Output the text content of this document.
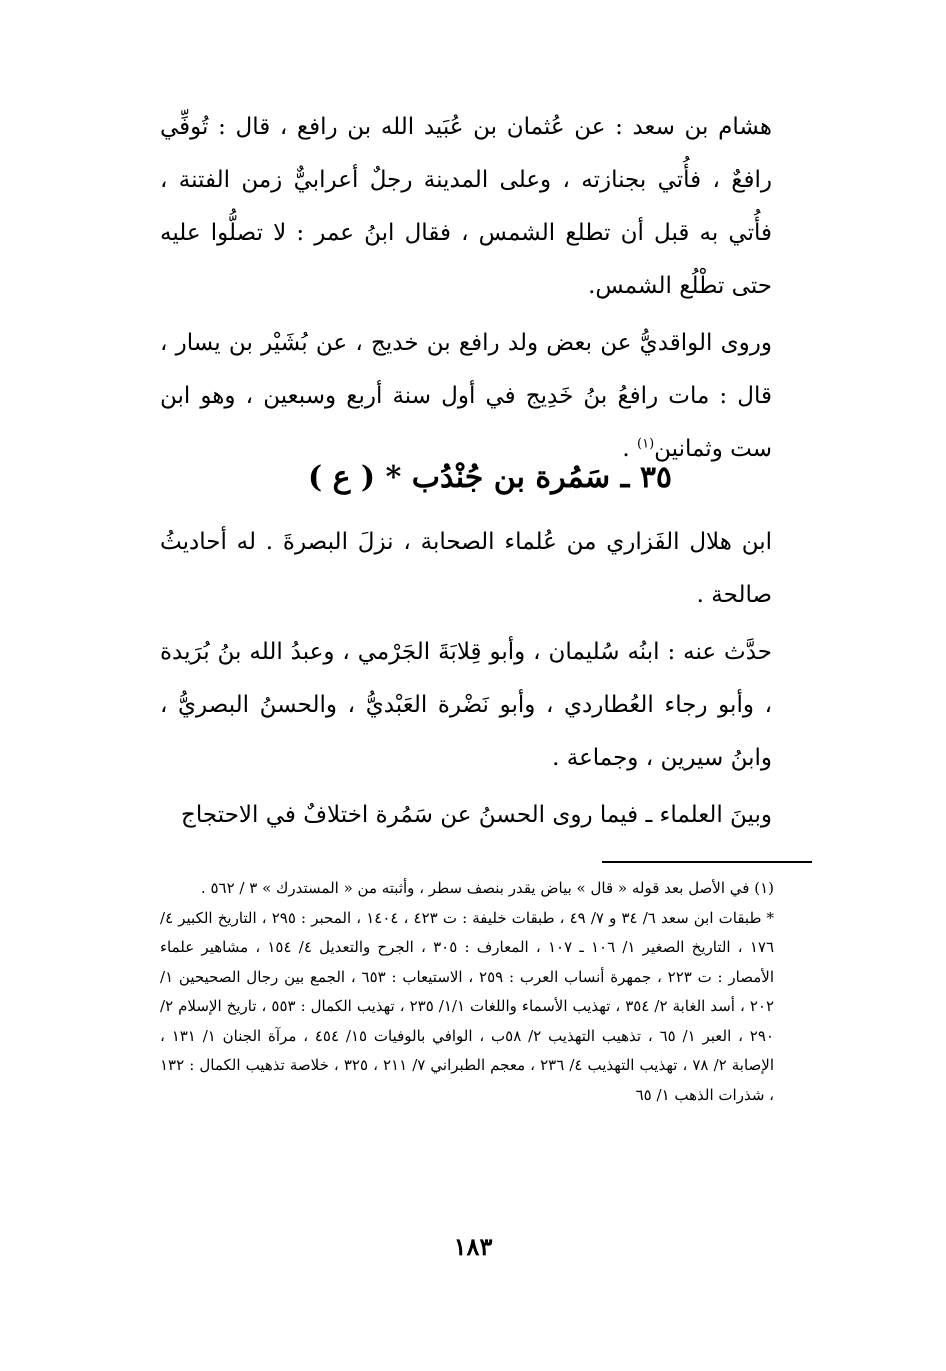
هشام بن سعد : عن عُثمان بن عُبَيد الله بن رافع ، قال : تُوفِّي رافعٌ ، فأُتي بجنازته ، وعلى المدينة رجلٌ أعرابيٌّ زمن الفتنة ، فأُتي به قبل أن تطلع الشمس ، فقال ابنُ عمر : لا تصلُّوا عليه حتى تطْلُع الشمس.

وروى الواقديُّ عن بعض ولد رافع بن خديج ، عن بُشَيْر بن يسار ، قال : مات رافعُ بنُ خَدِيج في أول سنة أربع وسبعين ، وهو ابن ست وثمانين$^{(١)}$ .

٣٥ ـ سَمُرة بن جُنْدُب * ( ع )

ابن هلال الفَزاري من عُلماء الصحابة ، نزلَ البصرةَ . له أحاديثُ صالحة .

حدَّث عنه : ابنُه سُليمان ، وأبو قِلابَةَ الجَرْمي ، وعبدُ الله بنُ بُرَيدة ، وأبو رجاء العُطاردي ، وأبو نَضْرة العَبْديُّ ، والحسنُ البصريُّ ، وابنُ سيرين ، وجماعة .

وبينَ العلماء ـ فيما روى الحسنُ عن سَمُرة اختلافٌ في الاحتجاج

(١) في الأصل بعد قوله « قال » بياض يقدر بنصف سطر ، وأثبته من « المستدرك » ٣ / ٥٦٢ .

* طبقات ابن سعد ٦/ ٣٤ و ٧/ ٤٩ ، طبقات خليفة : ت ٤٢٣ ، ١٤٠٤ ، المحبر : ٢٩٥ ، التاريخ الكبير ٤/ ١٧٦ ، التاريخ الصغير ١/ ١٠٦ ـ ١٠٧ ، المعارف : ٣٠٥ ، الجرح والتعديل ٤/ ١٥٤ ، مشاهير علماء الأمصار : ت ٢٢٣ ، جمهرة أنساب العرب : ٢٥٩ ، الاستيعاب : ٦٥٣ ، الجمع بين رجال الصحيحين ١/ ٢٠٢ ، أسد الغابة ٢/ ٣٥٤ ، تهذيب الأسماء واللغات ١/١/ ٢٣٥ ، تهذيب الكمال : ٥٥٣ ، تاريخ الإسلام ٢/ ٢٩٠ ، العبر ١/ ٦٥ ، تذهيب التهذيب ٢/ ٥٨ب ، الوافي بالوفيات ١٥/ ٤٥٤ ، مرآة الجنان ١/ ١٣١ ، الإصابة ٢/ ٧٨ ، تهذيب التهذيب ٤/ ٢٣٦ ، معجم الطبراني ٧/ ٢١١ ، ٣٢٥ ، خلاصة تذهيب الكمال : ١٣٢ ، شذرات الذهب ١/ ٦٥

١٨٣
